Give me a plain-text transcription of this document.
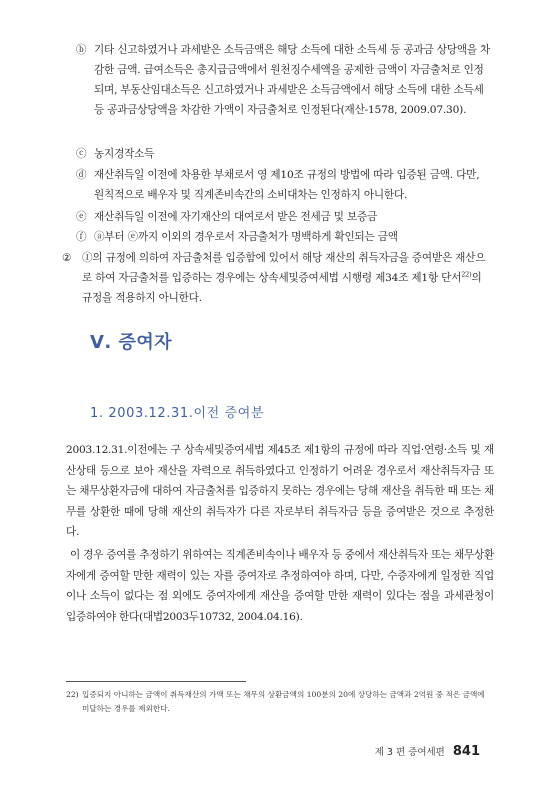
ⓑ 기타 신고하였거나 과세받은 소득금액은 해당 소득에 대한 소득세 등 공과금 상당액을 차감한 금액. 급여소득은 총지급금액에서 원천징수세액을 공제한 금액이 자금출처로 인정되며, 부동산임대소득은 신고하였거나 과세받은 소득금액에서 해당 소득에 대한 소득세 등 공과금상당액을 차감한 가액이 자금출처로 인정된다(재산-1578, 2009.07.30).
ⓒ 농지경작소득
ⓓ 재산취득일 이전에 차용한 부채로서 영 제10조 규정의 방법에 따라 입증된 금액. 다만, 원칙적으로 배우자 및 직계존비속간의 소비대차는 인정하지 아니한다.
ⓔ 재산취득일 이전에 자기재산의 대여로서 받은 전세금 및 보증금
ⓕ ⓐ부터 ⓔ까지 이외의 경우로서 자금출처가 명백하게 확인되는 금액
② ①의 규정에 의하여 자금출처를 입증함에 있어서 해당 재산의 취득자금을 증여받은 재산으로 하여 자금출처를 입증하는 경우에는 상속세및증여세법 시행령 제34조 제1항 단서$^{22)}$의 규정을 적용하지 아니한다.
Ⅴ. 증여자
1. 2003.12.31.이전 증여분
2003.12.31.이전에는 구 상속세및증여세법 제45조 제1항의 규정에 따라 직업·연령·소득 및 재산상태 등으로 보아 재산을 자력으로 취득하였다고 인정하기 어려운 경우로서 재산취득자금 또는 채무상환자금에 대하여 자금출처를 입증하지 못하는 경우에는 당해 재산을 취득한 때 또는 채무를 상환한 때에 당해 재산의 취득자가 다른 자로부터 취득자금 등을 증여받은 것으로 추정한다.
이 경우 증여를 추정하기 위하여는 직계존비속이나 배우자 등 중에서 재산취득자 또는 채무상환자에게 증여할 만한 재력이 있는 자를 증여자로 추정하여야 하며, 다만, 수증자에게 일정한 직업이나 소득이 없다는 점 외에도 증여자에게 재산을 증여할 만한 재력이 있다는 점을 과세관청이 입증하여야 한다(대법2003두10732, 2004.04.16).
22) 입증되지 아니하는 금액이 취득재산의 가액 또는 채무의 상환금액의 100분의 20에 상당하는 금액과 2억원 중 적은 금액에 미달하는 경우를 제외한다.
제 3 편 증여세편 841
